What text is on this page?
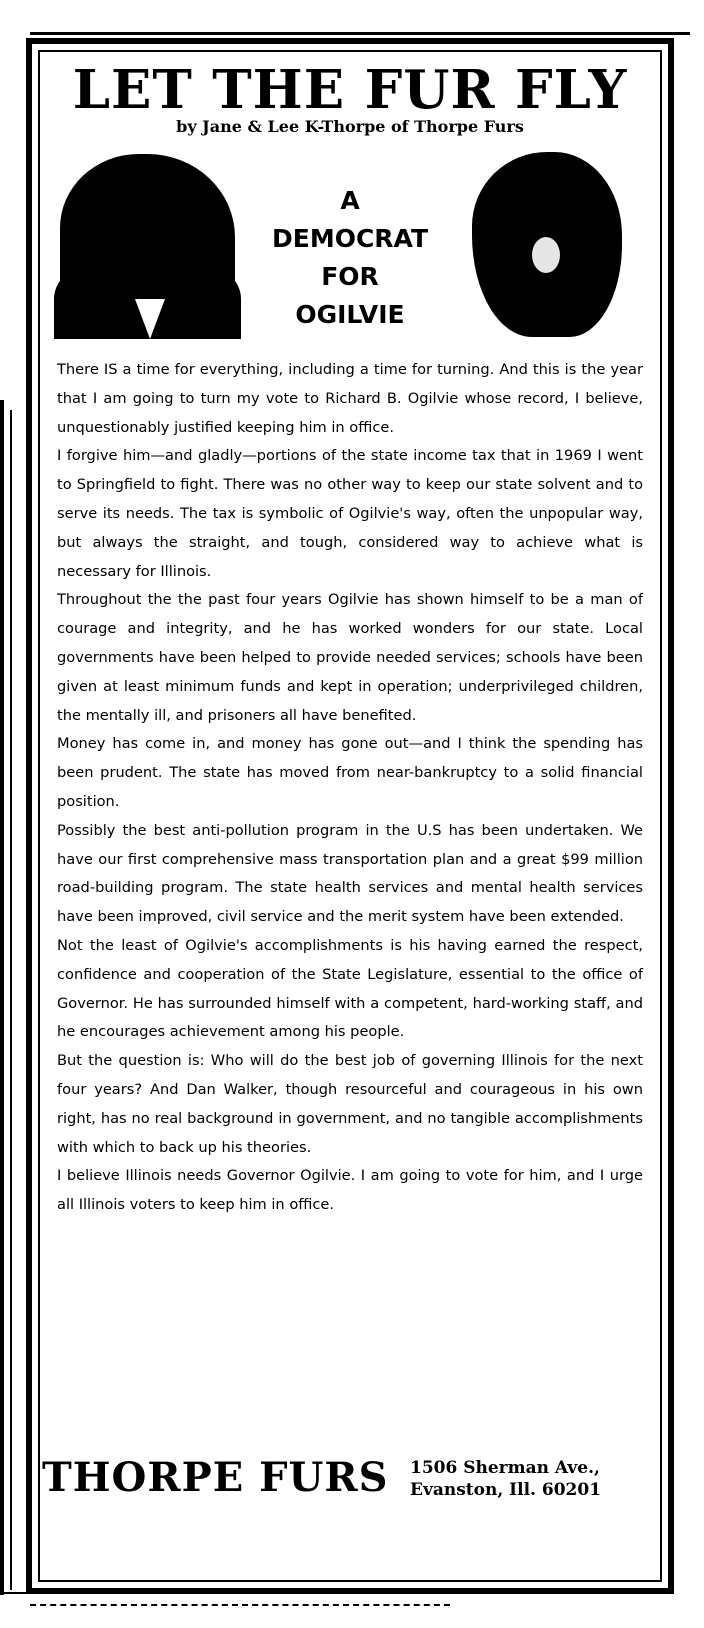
LET THE FUR FLY
by Jane & Lee K-Thorpe of Thorpe Furs
A
DEMOCRAT
FOR
OGILVIE

There IS a time for everything, including a time for turning. And this is the year that I am going to turn my vote to Richard B. Ogilvie whose record, I believe, unquestionably justified keeping him in office.

I forgive him—and gladly—portions of the state income tax that in 1969 I went to Springfield to fight. There was no other way to keep our state solvent and to serve its needs. The tax is symbolic of Ogilvie's way, often the unpopular way, but always the straight, and tough, considered way to achieve what is necessary for Illinois.

Throughout the the past four years Ogilvie has shown himself to be a man of courage and integrity, and he has worked wonders for our state. Local governments have been helped to provide needed services; schools have been given at least minimum funds and kept in operation; underprivileged children, the mentally ill, and prisoners all have benefited.

Money has come in, and money has gone out—and I think the spending has been prudent. The state has moved from near-bankruptcy to a solid financial position.

Possibly the best anti-pollution program in the U.S has been undertaken. We have our first comprehensive mass transportation plan and a great $99 million road-building program. The state health services and mental health services have been improved, civil service and the merit system have been extended.

Not the least of Ogilvie's accomplishments is his having earned the respect, confidence and cooperation of the State Legislature, essential to the office of Governor. He has surrounded himself with a competent, hard-working staff, and he encourages achievement among his people.

But the question is: Who will do the best job of governing Illinois for the next four years? And Dan Walker, though resourceful and courageous in his own right, has no real background in government, and no tangible accomplishments with which to back up his theories.

I believe Illinois needs Governor Ogilvie. I am going to vote for him, and I urge all Illinois voters to keep him in office.

THORPE FURS 1506 Sherman Ave.,
Evanston, Ill. 60201
